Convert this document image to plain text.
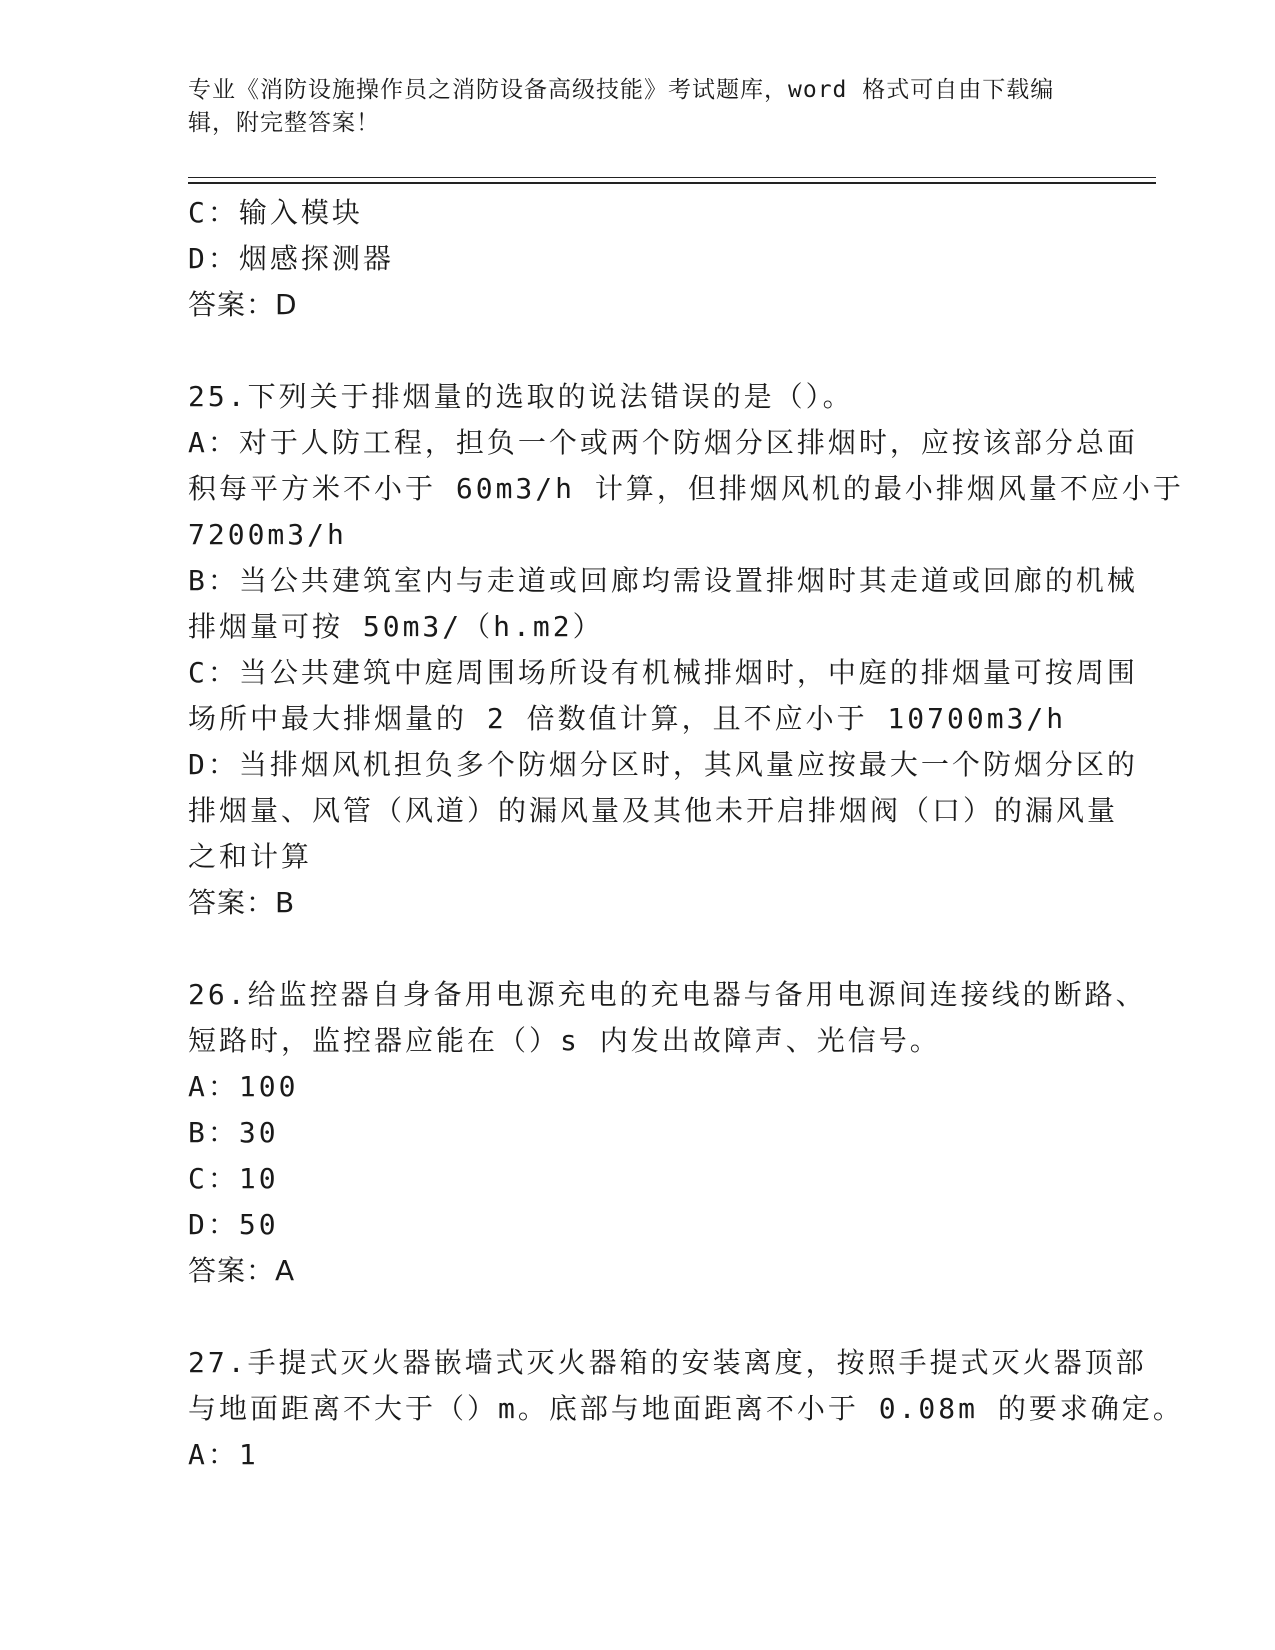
专业《消防设施操作员之消防设备高级技能》考试题库，word 格式可自由下载编
辑，附完整答案！
C：输入模块
D：烟感探测器
答案：D
25.下列关于排烟量的选取的说法错误的是（）。
A：对于人防工程，担负一个或两个防烟分区排烟时，应按该部分总面
积每平方米不小于 60m3/h 计算，但排烟风机的最小排烟风量不应小于
7200m3/h
B：当公共建筑室内与走道或回廊均需设置排烟时其走道或回廊的机械
排烟量可按 50m3/（h.m2）
C：当公共建筑中庭周围场所设有机械排烟时，中庭的排烟量可按周围
场所中最大排烟量的 2 倍数值计算，且不应小于 10700m3/h
D：当排烟风机担负多个防烟分区时，其风量应按最大一个防烟分区的
排烟量、风管（风道）的漏风量及其他未开启排烟阀（口）的漏风量
之和计算
答案：B
26.给监控器自身备用电源充电的充电器与备用电源间连接线的断路、
短路时，监控器应能在（）s 内发出故障声、光信号。
A：100
B：30
C：10
D：50
答案：A
27.手提式灭火器嵌墙式灭火器箱的安装离度，按照手提式灭火器顶部
与地面距离不大于（）m。底部与地面距离不小于 0.08m 的要求确定。
A：1
